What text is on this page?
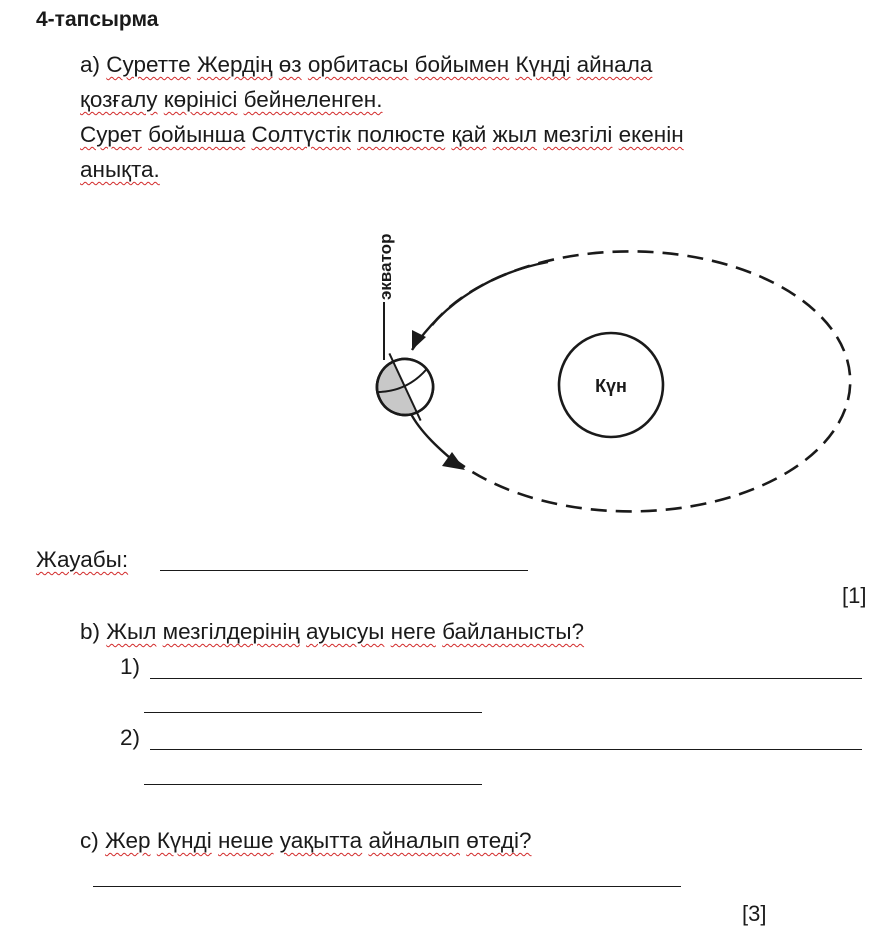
4-тапсырма
а) Суретте Жердің өз орбитасы бойымен Күнді айнала
қозғалу көрінісі бейнеленген.
Сурет бойынша Солтүстік полюсте қай жыл мезгілі екенін
анықта.
экватор
Күн
Жауабы:
[1]
b) Жыл мезгілдерінің ауысуы неге байланысты?
1)
2)
c) Жер Күнді неше уақытта айналып өтеді?
[3]
